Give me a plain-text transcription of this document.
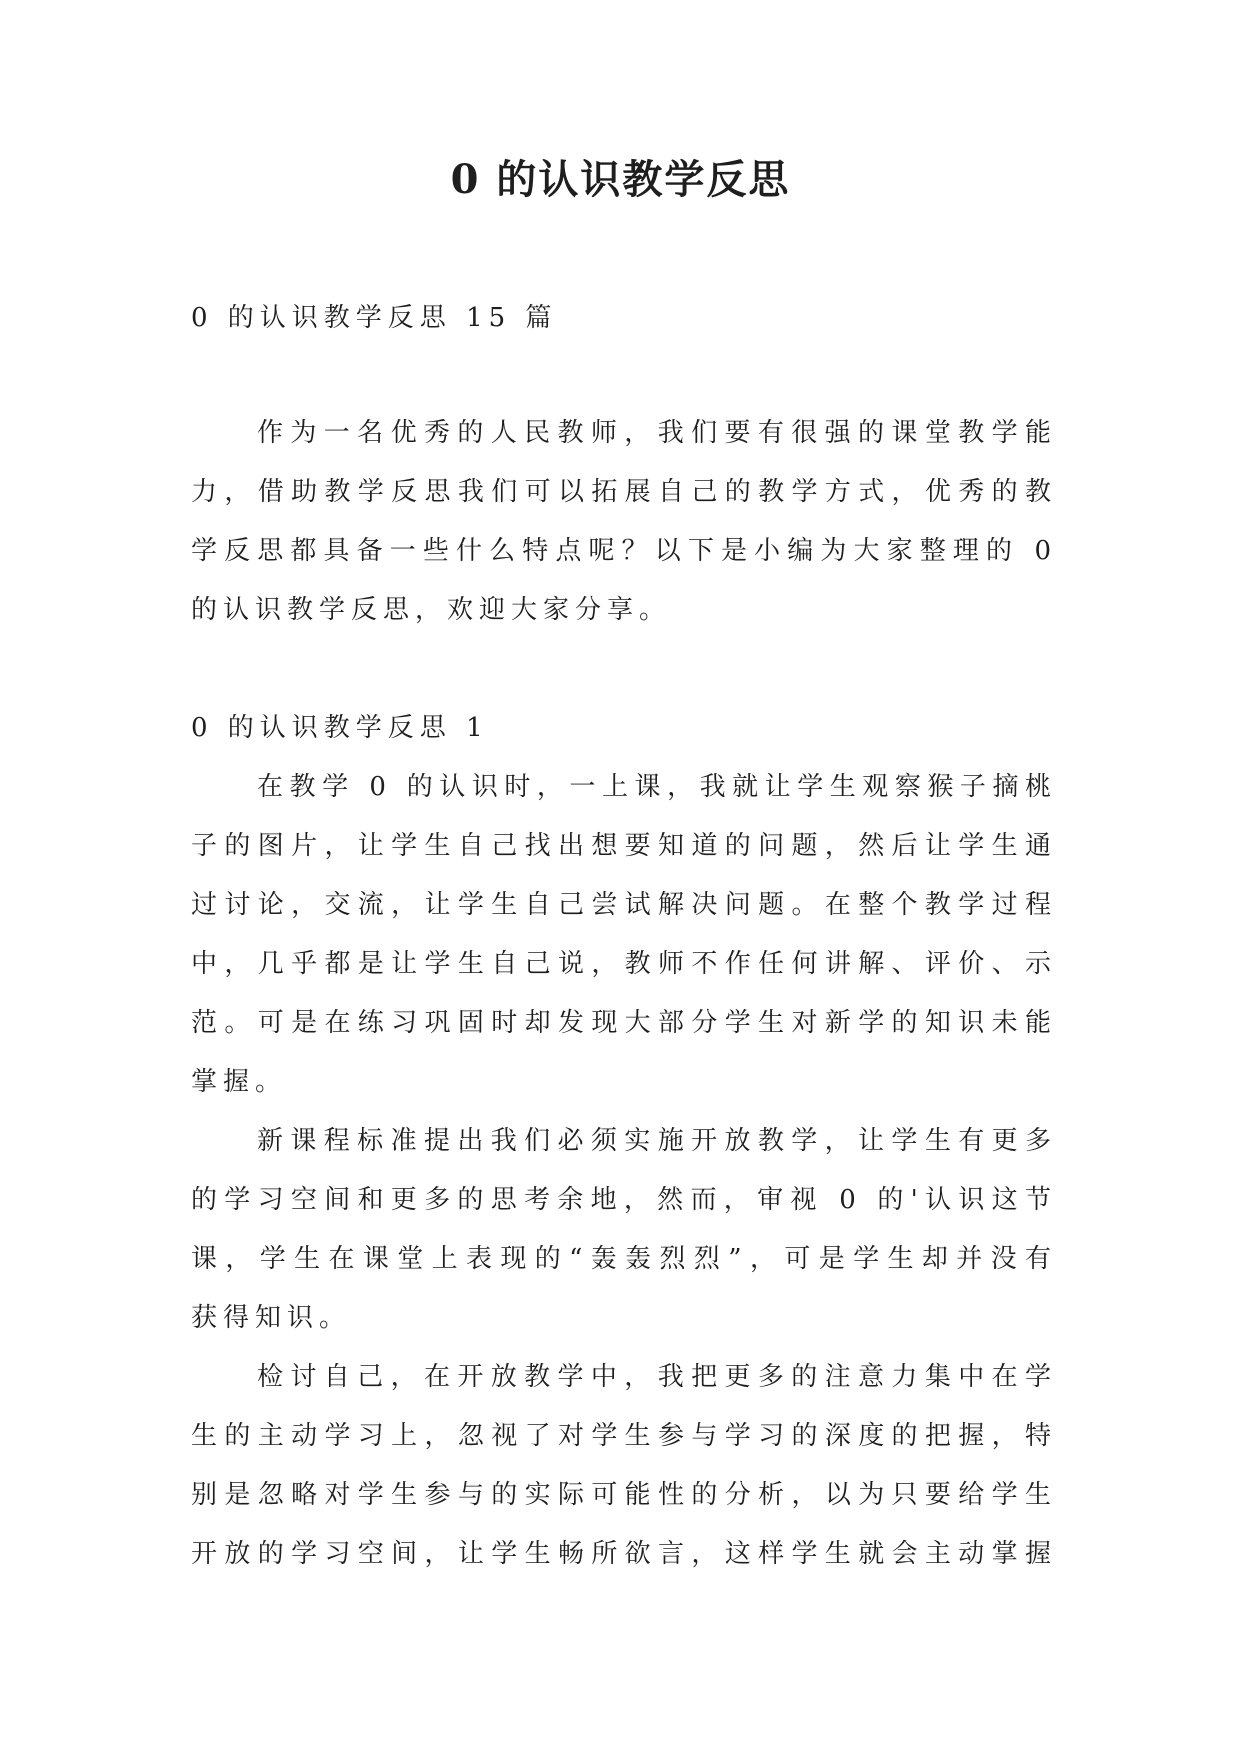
0 的认识教学反思

0 的认识教学反思 15 篇

作为一名优秀的人民教师，我们要有很强的课堂教学能
力，借助教学反思我们可以拓展自己的教学方式，优秀的教
学反思都具备一些什么特点呢？以下是小编为大家整理的 0
的认识教学反思，欢迎大家分享。
0 的认识教学反思 1
在教学 0 的认识时，一上课，我就让学生观察猴子摘桃
子的图片，让学生自己找出想要知道的问题，然后让学生通
过讨论，交流，让学生自己尝试解决问题。在整个教学过程
中，几乎都是让学生自己说，教师不作任何讲解、评价、示
范。可是在练习巩固时却发现大部分学生对新学的知识未能
掌握。
新课程标准提出我们必须实施开放教学，让学生有更多
的学习空间和更多的思考余地，然而，审视 0 的'认识这节
课，学生在课堂上表现的“轰轰烈烈”，可是学生却并没有
获得知识。
检讨自己，在开放教学中，我把更多的注意力集中在学
生的主动学习上，忽视了对学生参与学习的深度的把握，特
别是忽略对学生参与的实际可能性的分析，以为只要给学生
开放的学习空间，让学生畅所欲言，这样学生就会主动掌握
